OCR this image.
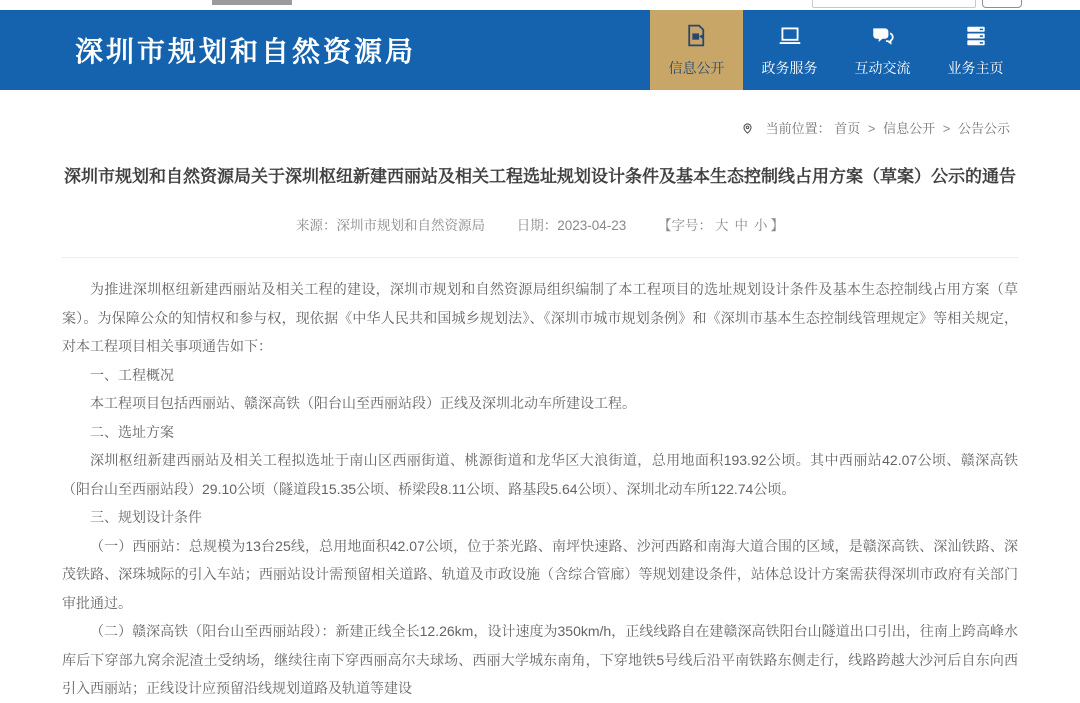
深圳市规划和自然资源局	信息公开	政务服务	互动交流	业务主页
当前位置： 首页 > 信息公开 > 公告公示
深圳市规划和自然资源局关于深圳枢纽新建西丽站及相关工程选址规划设计条件及基本生态控制线占用方案（草案）公示的通告
来源：深圳市规划和自然资源局 日期：2023-04-23 【字号： 大 中 小 】

为推进深圳枢纽新建西丽站及相关工程的建设，深圳市规划和自然资源局组织编制了本工程项目的选址规划设计条件及基本生态控制线占用方案（草案）。为保障公众的知情权和参与权，现依据《中华人民共和国城乡规划法》、《深圳市城市规划条例》和《深圳市基本生态控制线管理规定》等相关规定，对本工程项目相关事项通告如下：

一、工程概况

本工程项目包括西丽站、赣深高铁（阳台山至西丽站段）正线及深圳北动车所建设工程。

二、选址方案

深圳枢纽新建西丽站及相关工程拟选址于南山区西丽街道、桃源街道和龙华区大浪街道，总用地面积193.92公顷。其中西丽站42.07公顷、赣深高铁（阳台山至西丽站段）29.10公顷（隧道段15.35公顷、桥梁段8.11公顷、路基段5.64公顷）、深圳北动车所122.74公顷。

三、规划设计条件

（一）西丽站：总规模为13台25线，总用地面积42.07公顷，位于茶光路、南坪快速路、沙河西路和南海大道合围的区域，是赣深高铁、深汕铁路、深茂铁路、深珠城际的引入车站；西丽站设计需预留相关道路、轨道及市政设施（含综合管廊）等规划建设条件，站体总设计方案需获得深圳市政府有关部门审批通过。

（二）赣深高铁（阳台山至西丽站段）：新建正线全长12.26km，设计速度为350km/h，正线线路自在建赣深高铁阳台山隧道出口引出，往南上跨高峰水库后下穿部九窝余泥渣土受纳场，继续往南下穿西丽高尔夫球场、西丽大学城东南角，下穿地铁5号线后沿平南铁路东侧走行，线路跨越大沙河后自东向西引入西丽站；正线设计应预留沿线规划道路及轨道等建设
